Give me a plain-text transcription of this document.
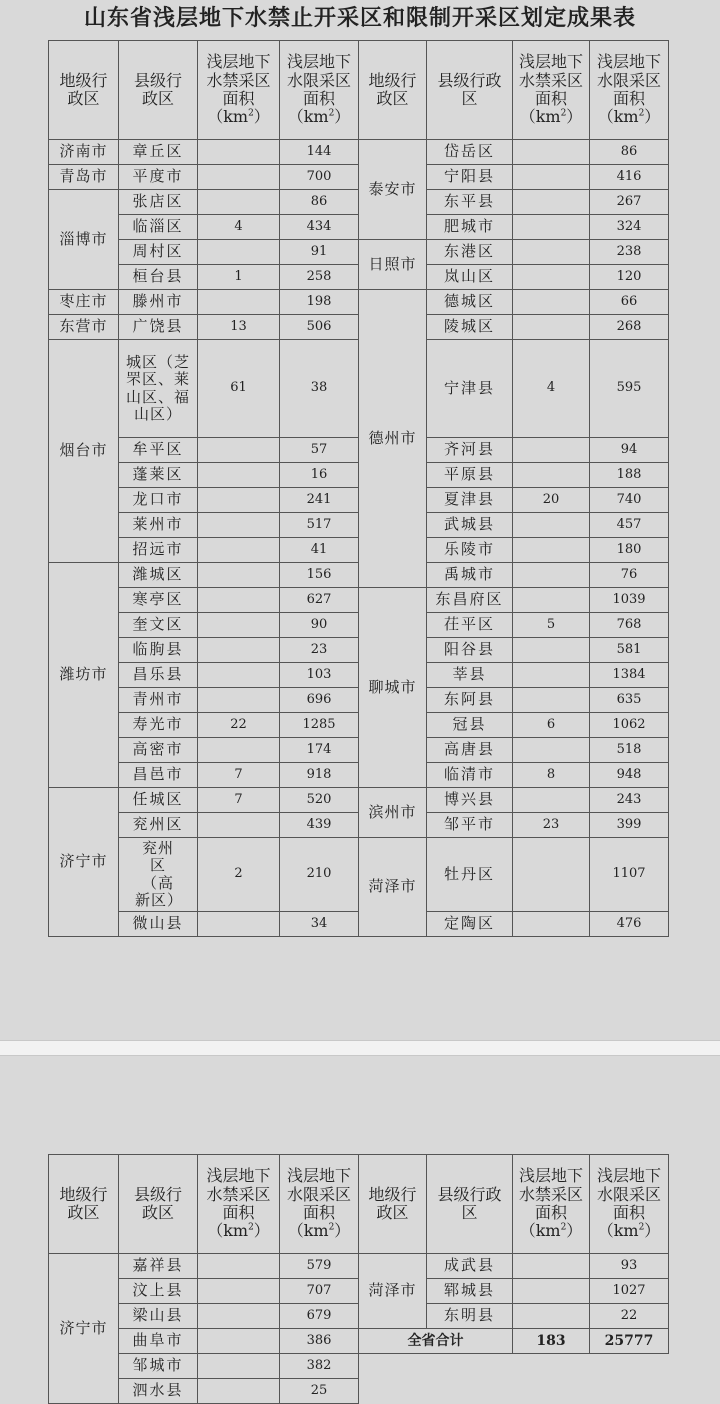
山东省浅层地下水禁止开采区和限制开采区划定成果表
地级行政区	县级行政区	浅层地下水禁采区面积$(km^2)$	浅层地下水限采区面积$(km^2)$	地级行政区	县级行政区	浅层地下水禁采区面积$(km^2)$	浅层地下水限采区面积$(km^2)$

济南市	章丘区		144	泰安市	岱岳区		86
青岛市	平度市		700		宁阳县		416
淄博市	张店区		86		东平县		267
	临淄区	4	434		肥城市		324
	周村区		91	日照市	东港区		238
	桓台县	1	258		岚山区		120
枣庄市	滕州市		198	德州市	德城区		66
东营市	广饶县	13	506		陵城区		268
烟台市	城区（芝罘区、莱山区、福山区）	61	38		宁津县	4	595
	牟平区		57		齐河县		94
	蓬莱区		16		平原县		188
	龙口市		241		夏津县	20	740
	莱州市		517		武城县		457
	招远市		41		乐陵市		180
潍坊市	潍城区		156		禹城市		76
	寒亭区		627	聊城市	东昌府区		1039
	奎文区		90		茌平区	5	768
	临朐县		23		阳谷县		581
	昌乐县		103		莘县		1384
	青州市		696		东阿县		635
	寿光市	22	1285		冠县	6	1062
	高密市		174		高唐县		518
	昌邑市	7	918		临清市	8	948
济宁市	任城区	7	520	滨州市	博兴县		243
	兖州区		439		邹平市	23	399

	兖州区（高新区）	2	210	菏泽市	牡丹区		1107
	微山县		34		定陶区		476
地级行政区	县级行政区	浅层地下水禁采区面积$(km^2)$	浅层地下水限采区面积$(km^2)$	地级行政区	县级行政区	浅层地下水禁采区面积$(km^2)$	浅层地下水限采区面积$(km^2)$

济宁市	嘉祥县		579	菏泽市	成武县		93
	汶上县		707		郓城县		1027
	梁山县		679		东明县		22
	曲阜市		386	全省合计		183	25777
	邹城市		382				
	泗水县		25				
